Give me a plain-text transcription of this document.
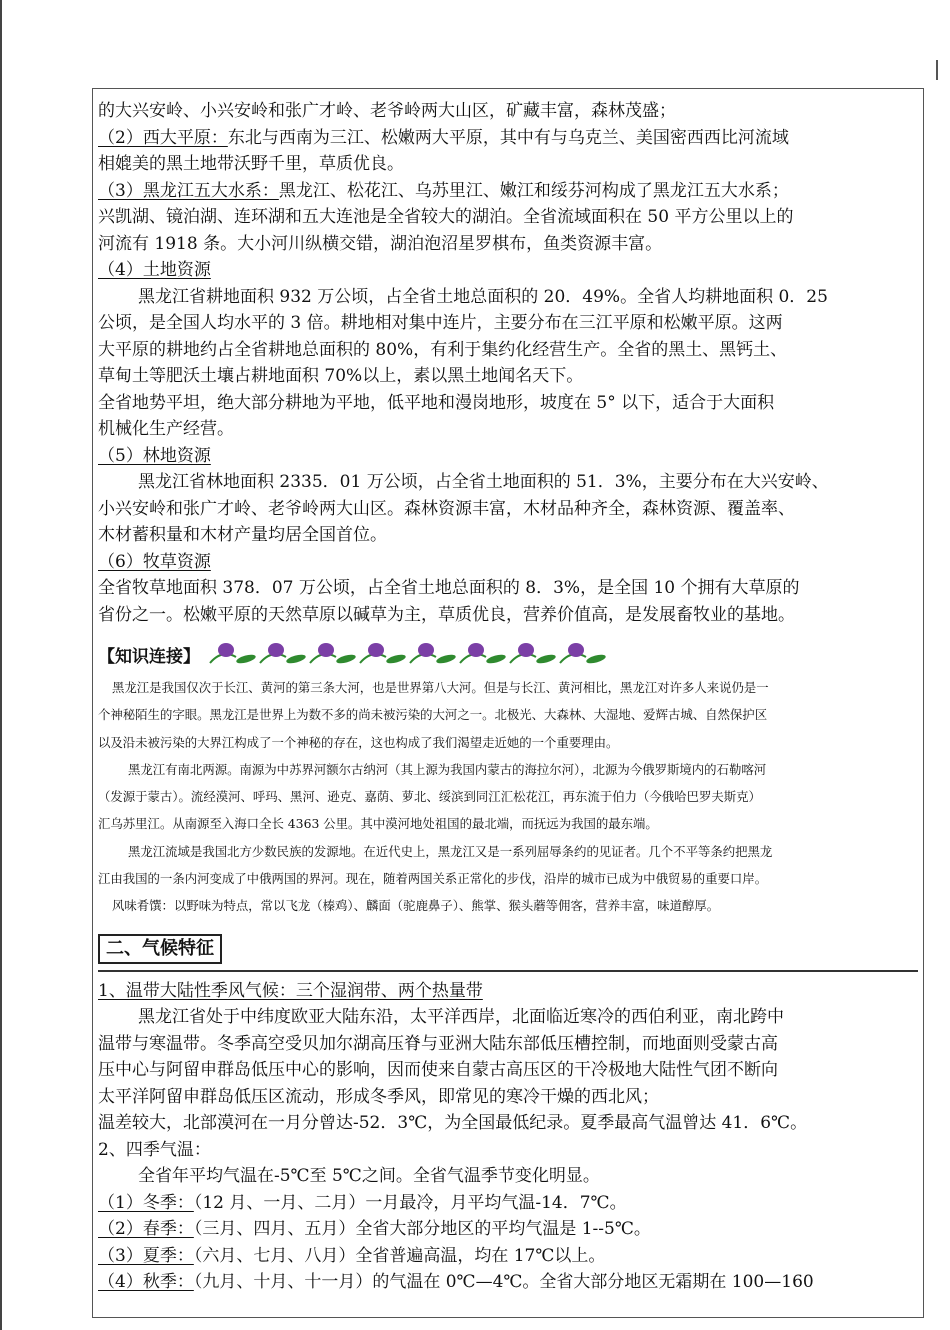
的大兴安岭、小兴安岭和张广才岭、老爷岭两大山区，矿藏丰富，森林茂盛；
（2）西大平原：东北与西南为三江、松嫩两大平原，其中有与乌克兰、美国密西西比河流域
相媲美的黑土地带沃野千里，草质优良。
（3）黑龙江五大水系：黑龙江、松花江、乌苏里江、嫩江和绥芬河构成了黑龙江五大水系；
兴凯湖、镜泊湖、连环湖和五大连池是全省较大的湖泊。全省流域面积在 50 平方公里以上的
河流有 1918 条。大小河川纵横交错，湖泊泡沼星罗棋布，鱼类资源丰富。
（4）土地资源
黑龙江省耕地面积 932 万公顷，占全省土地总面积的 20．49%。全省人均耕地面积 0．25
公顷，是全国人均水平的 3 倍。耕地相对集中连片，主要分布在三江平原和松嫩平原。这两
大平原的耕地约占全省耕地总面积的 80%，有利于集约化经营生产。全省的黑土、黑钙土、
草甸土等肥沃土壤占耕地面积 70%以上，素以黑土地闻名天下。
全省地势平坦，绝大部分耕地为平地，低平地和漫岗地形，坡度在 5° 以下，适合于大面积
机械化生产经营。
（5）林地资源
黑龙江省林地面积 2335．01 万公顷，占全省土地面积的 51．3%，主要分布在大兴安岭、
小兴安岭和张广才岭、老爷岭两大山区。森林资源丰富，木材品种齐全，森林资源、覆盖率、
木材蓄积量和木材产量均居全国首位。
（6）牧草资源
全省牧草地面积 378．07 万公顷，占全省土地总面积的 8．3%，是全国 10 个拥有大草原的
省份之一。松嫩平原的天然草原以碱草为主，草质优良，营养价值高，是发展畜牧业的基地。
【知识连接】
黑龙江是我国仅次于长江、黄河的第三条大河，也是世界第八大河。但是与长江、黄河相比，黑龙江对许多人来说仍是一
个神秘陌生的字眼。黑龙江是世界上为数不多的尚未被污染的大河之一。北极光、大森林、大湿地、爱辉古城、自然保护区
以及沿未被污染的大界江构成了一个神秘的存在，这也构成了我们渴望走近她的一个重要理由。
黑龙江有南北两源。南源为中苏界河额尔古纳河（其上源为我国内蒙古的海拉尔河），北源为今俄罗斯境内的石勒喀河
（发源于蒙古）。流经漠河、呼玛、黑河、逊克、嘉荫、萝北、绥滨到同江汇松花江，再东流于伯力（今俄哈巴罗夫斯克）
汇乌苏里江。从南源至入海口全长 4363 公里。其中漠河地处祖国的最北端，而抚远为我国的最东端。
黑龙江流域是我国北方少数民族的发源地。在近代史上，黑龙江又是一系列屈辱条约的见证者。几个不平等条约把黑龙
江由我国的一条内河变成了中俄两国的界河。现在，随着两国关系正常化的步伐，沿岸的城市已成为中俄贸易的重要口岸。
风味肴馔：以野味为特点，常以飞龙（榛鸡）、麟面（驼鹿鼻子）、熊掌、猴头蘑等佣客，营养丰富，味道醇厚。
二、气候特征
1、温带大陆性季风气候：三个湿润带、两个热量带
黑龙江省处于中纬度欧亚大陆东沿，太平洋西岸，北面临近寒冷的西伯利亚，南北跨中
温带与寒温带。冬季高空受贝加尔湖高压脊与亚洲大陆东部低压槽控制，而地面则受蒙古高
压中心与阿留申群岛低压中心的影响，因而使来自蒙古高压区的干冷极地大陆性气团不断向
太平洋阿留申群岛低压区流动，形成冬季风，即常见的寒冷干燥的西北风；
温差较大，北部漠河在一月分曾达-52．3℃，为全国最低纪录。夏季最高气温曾达 41．6℃。
2、四季气温：
全省年平均气温在-5℃至 5℃之间。全省气温季节变化明显。
（1）冬季：（12 月、一月、二月）一月最冷，月平均气温-14．7℃。
（2）春季：（三月、四月、五月）全省大部分地区的平均气温是 1--5℃。
（3）夏季：（六月、七月、八月）全省普遍高温，均在 17℃以上。
（4）秋季：（九月、十月、十一月）的气温在 0℃—4℃。全省大部分地区无霜期在 100—160
